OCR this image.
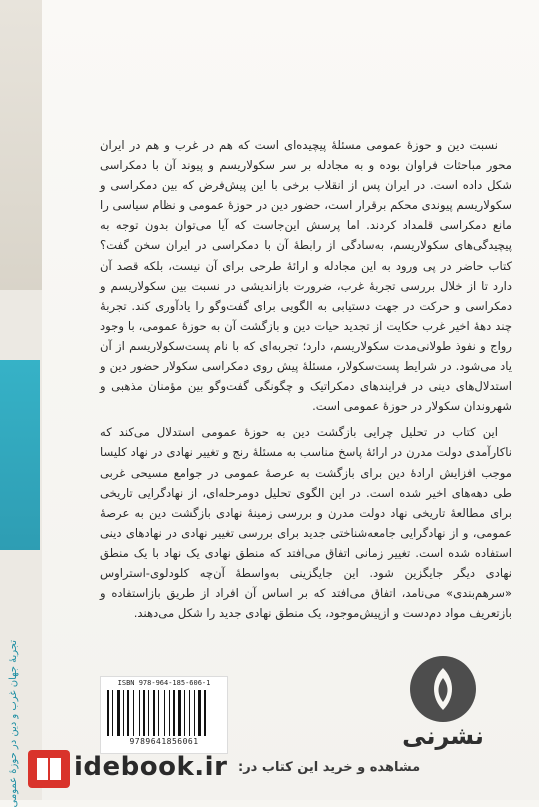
تجربهٔ جهان غرب و دین در حوزهٔ عمومی

نسبت دین و حوزهٔ عمومی مسئلهٔ پیچیده‌ای است که هم در غرب و هم در ایران محور مباحثات فراوان بوده و به مجادله بر سر سکولاریسم و پیوند آن با دمکراسی شکل داده است. در ایران پس از انقلاب برخی با این پیش‌فرض که بین دمکراسی و سکولاریسم پیوندی محکم برقرار است، حضور دین در حوزهٔ عمومی و نظام سیاسی را مانع دمکراسی قلمداد کردند. اما پرسش این‌جاست که آیا می‌توان بدون توجه به پیچیدگی‌های سکولاریسم، به‌سادگی از رابطهٔ آن با دمکراسی در ایران سخن گفت؟ کتاب حاضر در پی ورود به این مجادله و ارائهٔ طرحی برای آن نیست، بلکه قصد آن دارد تا از خلال بررسی تجربهٔ غرب، ضرورت بازاندیشی در نسبت بین سکولاریسم و دمکراسی و حرکت در جهت دستیابی به الگویی برای گفت‌وگو را یادآوری کند. تجربهٔ چند دههٔ اخیر غرب حکایت از تجدید حیات دین و بازگشت آن به حوزهٔ عمومی، با وجود رواج و نفوذ طولانی‌مدت سکولاریسم، دارد؛ تجربه‌ای که با نام پست‌سکولاریسم از آن یاد می‌شود. در شرایط پست‌سکولار، مسئلهٔ پیش روی دمکراسی سکولار حضور دین و استدلال‌های دینی در فرایندهای دمکراتیک و چگونگی گفت‌وگو بین مؤمنان مذهبی و شهروندان سکولار در حوزهٔ عمومی است.

این کتاب در تحلیل چرایی بازگشت دین به حوزهٔ عمومی استدلال می‌کند که ناکارآمدی دولت مدرن در ارائهٔ پاسخ مناسب به مسئلهٔ رنج و تغییر نهادی در نهاد کلیسا موجب افزایش ارادهٔ دین برای بازگشت به عرصهٔ عمومی در جوامع مسیحی غربی طی دهه‌های اخیر شده است. در این الگوی تحلیل دومرحله‌ای، از نهادگرایی تاریخی برای مطالعهٔ تاریخی نهاد دولت مدرن و بررسی زمینهٔ نهادی بازگشت دین به عرصهٔ عمومی، و از نهادگرایی جامعه‌شناختی جدید برای بررسی تغییر نهادی در نهادهای دینی استفاده شده است. تغییر زمانی اتفاق می‌افتد که منطق نهادی یک نهاد با یک منطق نهادی دیگر جایگزین شود. این جایگزینی به‌واسطهٔ آن‌چه کلودلوی-استراوس «سرهم‌بندی» می‌نامد، اتفاق می‌افتد که بر اساس آن افراد از طریق بازاستفاده و بازتعریف مواد دم‌دست و ازپیش‌موجود، یک منطق نهادی جدید را شکل می‌دهند.

ISBN 978-964-185-606-1
9789641856061	نشرنی
idebook.ir مشاهده و خرید این کتاب در:
